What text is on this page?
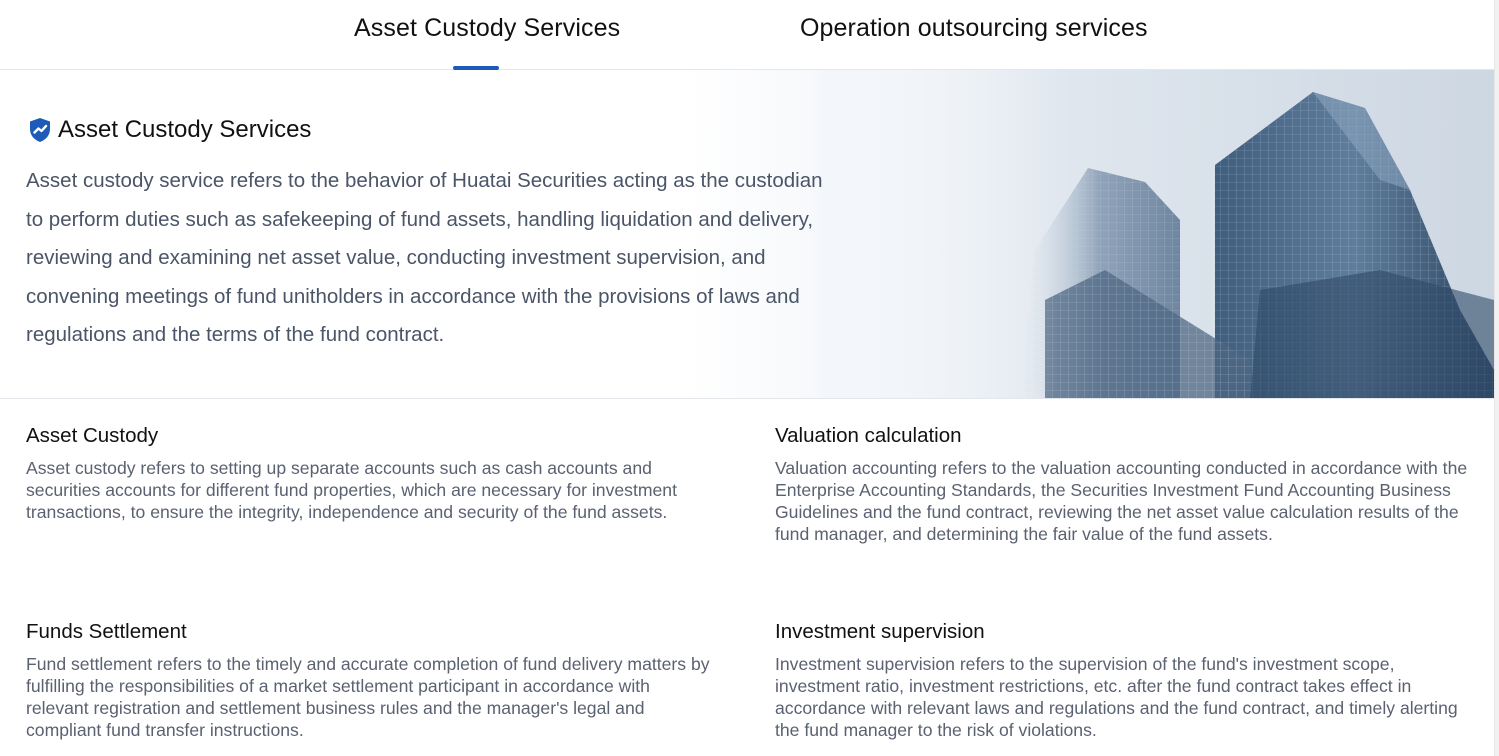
Asset Custody Services	Operation outsourcing services
Asset Custody Services

Asset custody service refers to the behavior of Huatai Securities acting as the custodian to perform duties such as safekeeping of fund assets, handling liquidation and delivery, reviewing and examining net asset value, conducting investment supervision, and convening meetings of fund unitholders in accordance with the provisions of laws and regulations and the terms of the fund contract.

Asset Custody
Asset custody refers to setting up separate accounts such as cash accounts and securities accounts for different fund properties, which are necessary for investment transactions, to ensure the integrity, independence and security of the fund assets.
Valuation calculation
Valuation accounting refers to the valuation accounting conducted in accordance with the Enterprise Accounting Standards, the Securities Investment Fund Accounting Business Guidelines and the fund contract, reviewing the net asset value calculation results of the fund manager, and determining the fair value of the fund assets.
Funds Settlement
Fund settlement refers to the timely and accurate completion of fund delivery matters by fulfilling the responsibilities of a market settlement participant in accordance with relevant registration and settlement business rules and the manager's legal and compliant fund transfer instructions.
Investment supervision
Investment supervision refers to the supervision of the fund's investment scope, investment ratio, investment restrictions, etc. after the fund contract takes effect in accordance with relevant laws and regulations and the fund contract, and timely alerting the fund manager to the risk of violations.
